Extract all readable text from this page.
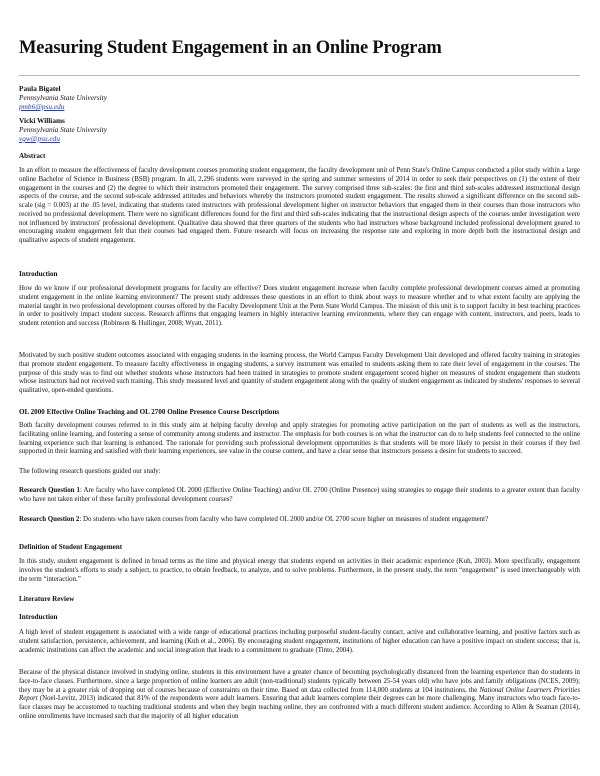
Measuring Student Engagement in an Online Program
Paula Bigatel
Pennsylvania State University
pmb6@psu.edu
Vicki Williams
Pennsylvania State University
vgw@psu.edu
Abstract
In an effort to measure the effectiveness of faculty development courses promoting student engagement, the faculty development unit of Penn State's Online Campus conducted a pilot study within a large online Bachelor of Science in Business (BSB) program. In all, 2,296 students were surveyed in the spring and summer semesters of 2014 in order to seek their perspectives on (1) the extent of their engagement in the courses and (2) the degree to which their instructors promoted their engagement. The survey comprised three sub-scales: the first and third sub-scales addressed instructional design aspects of the course, and the second sub-scale addressed attitudes and behaviors whereby the instructors promoted student engagement. The results showed a significant difference on the second sub-scale (sig = 0.003) at the .05 level, indicating that students rated instructors with professional development higher on instructor behaviors that engaged them in their courses than those instructors who received no professional development. There were no significant differences found for the first and third sub-scales indicating that the instructional design aspects of the courses under investigation were not influenced by instructors' professional development. Qualitative data showed that three quarters of the students who had instructors whose background included professional development geared to encouraging student engagement felt that their courses had engaged them. Future research will focus on increasing the response rate and exploring in more depth both the instructional design and qualitative aspects of student engagement.
Introduction
How do we know if our professional development programs for faculty are effective? Does student engagement increase when faculty complete professional development courses aimed at promoting student engagement in the online learning environment? The present study addresses these questions in an effort to think about ways to measure whether and to what extent faculty are applying the material taught in two professional development courses offered by the Faculty Development Unit at the Penn State World Campus. The mission of this unit is to support faculty in best teaching practices in order to positively impact student success. Research affirms that engaging learners in highly interactive learning environments, where they can engage with content, instructors, and peers, leads to student retention and success (Robinson & Hullinger, 2008; Wyatt, 2011).
Motivated by such positive student outcomes associated with engaging students in the learning process, the World Campus Faculty Development Unit developed and offered faculty training in strategies that promote student engagement. To measure faculty effectiveness in engaging students, a survey instrument was emailed to students asking them to rate their level of engagement in the courses. The purpose of this study was to find out whether students whose instructors had been trained in strategies to promote student engagement scored higher on measures of student engagement than students whose instructors had not received such training. This study measured level and quantity of student engagement along with the quality of student engagement as indicated by students' responses to several qualitative, open-ended questions.
OL 2000 Effective Online Teaching and OL 2700 Online Presence Course Descriptions
Both faculty development courses referred to in this study aim at helping faculty develop and apply strategies for promoting active participation on the part of students as well as the instructors, facilitating online learning, and fostering a sense of community among students and instructor. The emphasis for both courses is on what the instructor can do to help students feel connected to the online learning experience such that learning is enhanced. The rationale for providing such professional development opportunities is that students will be more likely to persist in their courses if they feel supported in their learning and satisfied with their learning experiences, see value in the course content, and have a clear sense that instructors possess a desire for students to succeed.
The following research questions guided our study:
Research Question 1: Are faculty who have completed OL 2000 (Effective Online Teaching) and/or OL 2700 (Online Presence) using strategies to engage their students to a greater extent than faculty who have not taken either of these faculty professional development courses?
Research Question 2: Do students who have taken courses from faculty who have completed OL 2000 and/or OL 2700 score higher on measures of student engagement?
Definition of Student Engagement
In this study, student engagement is defined in broad terms as the time and physical energy that students expend on activities in their academic experience (Kuh, 2003). More specifically, engagement involves the student's efforts to study a subject, to practice, to obtain feedback, to analyze, and to solve problems. Furthermore, in the present study, the term “engagement” is used interchangeably with the term “interaction.”
Literature Review
Introduction
A high level of student engagement is associated with a wide range of educational practices including purposeful student-faculty contact, active and collaborative learning, and positive factors such as student satisfaction, persistence, achievement, and learning (Kuh et al., 2006). By encouraging student engagement, institutions of higher education can have a positive impact on student success; that is, academic institutions can affect the academic and social integration that leads to a commitment to graduate (Tinto, 2004).
Because of the physical distance involved in studying online, students in this environment have a greater chance of becoming psychologically distanced from the learning experience than do students in face-to-face classes. Furthermore, since a large proportion of online learners are adult (non-traditional) students typically between 25-54 years old) who have jobs and family obligations (NCES, 2009); they may be at a greater risk of dropping out of courses because of constraints on their time. Based on data collected from 114,000 students at 104 institutions, the National Online Learners Priorities Report (Noel-Levitz, 2013) indicated that 81% of the respondents were adult learners. Ensuring that adult learners complete their degrees can be more challenging. Many instructors who teach face-to-face classes may be accustomed to teaching traditional students and when they begin teaching online, they are confronted with a much different student audience. According to Allen & Seaman (2014), online enrollments have increased such that the majority of all higher education
